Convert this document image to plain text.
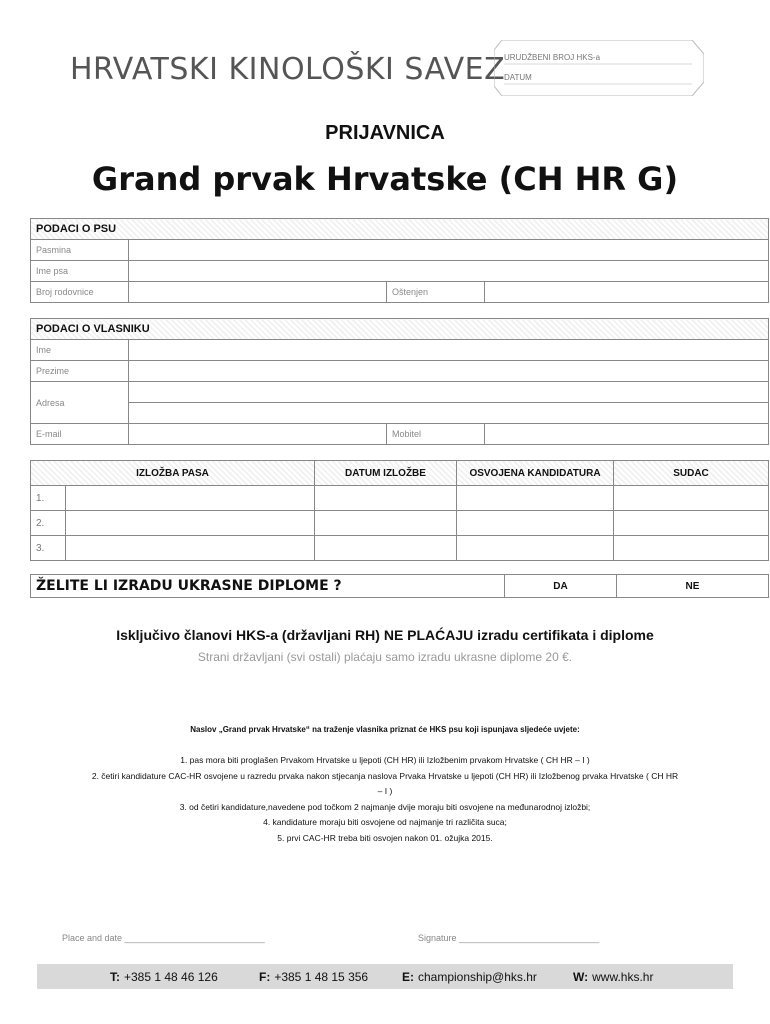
HRVATSKI KINOLOŠKI SAVEZ
URUDŽBENI BROJ HKS-a
DATUM
PRIJAVNICA
Grand prvak Hrvatske (CH HR G)
PODACI O PSU			
Pasmina			
Ime psa			
Broj rodovnice		Oštenjen	
PODACI O VLASNIKU			
Ime			
Prezime			
Adresa			

E-mail		Mobitel	
IZLOŽBA PASA		DATUM IZLOŽBE	OSVOJENA KANDIDATURA	SUDAC
1.				
2.				
3.				
ŽELITE LI IZRADU UKRASNE DIPLOME ?	DA	NE
Isključivo članovi HKS-a (državljani RH) NE PLAĆAJU izradu certifikata i diplome
Strani državljani (svi ostali) plaćaju samo izradu ukrasne diplome 20 €.
Naslov „Grand prvak Hrvatske“ na traženje vlasnika priznat će HKS psu koji ispunjava sljedeće uvjete:
1. pas mora biti proglašen Prvakom Hrvatske u ljepoti (CH HR) ili Izložbenim prvakom Hrvatske ( CH HR – I )
2. četiri kandidature CAC-HR osvojene u razredu prvaka nakon stjecanja naslova Prvaka Hrvatske u ljepoti (CH HR) ili Izložbenog prvaka Hrvatske ( CH HR – I )
3. od četiri kandidature,navedene pod točkom 2 najmanje dvije moraju biti osvojene na međunarodnoj izložbi;
4. kandidature moraju biti osvojene od najmanje tri različita suca;
5. prvi CAC-HR treba biti osvojen nakon 01. ožujka 2015.
Place and date ____________________________	Signature ____________________________
T: +385 1 48 46 126	F: +385 1 48 15 356	E: championship@hks.hr	W: www.hks.hr
